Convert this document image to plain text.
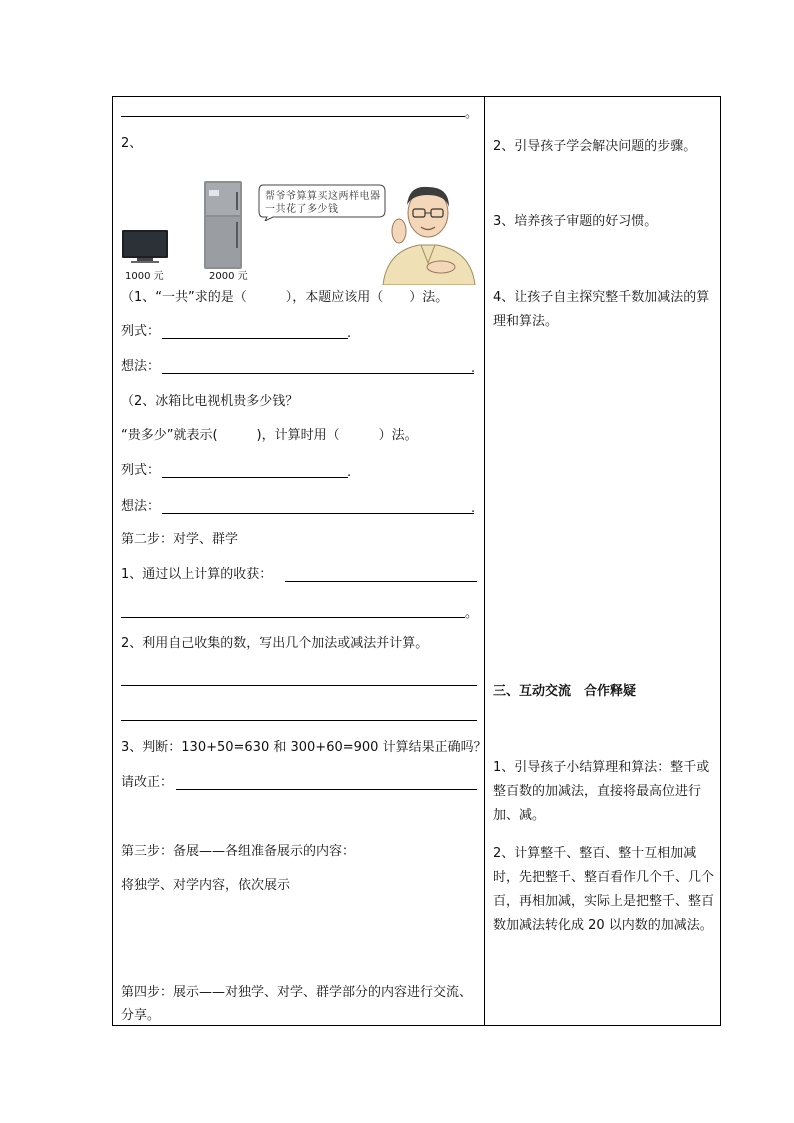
。
2、
1000 元	2000 元
帮爷爷算算买这两样电器一共花了多少钱
（1、“一共”求的是（　　　），本题应该用（　　）法。
列式：	.
想法：	.
（2、冰箱比电视机贵多少钱？
“贵多少”就表示(　　　)，计算时用（　　　）法。
列式：	.
想法：	.
第二步：对学、群学
1、通过以上计算的收获：
。
2、利用自己收集的数，写出几个加法或减法并计算。
3、判断：130+50=630 和 300+60=900 计算结果正确吗？
请改正：
第三步：备展——各组准备展示的内容：
将独学、对学内容，依次展示
第四步：展示——对独学、对学、群学部分的内容进行交流、分享。
2、引导孩子学会解决问题的步骤。
3、培养孩子审题的好习惯。
4、让孩子自主探究整千数加减法的算理和算法。
三、互动交流　合作释疑
1、引导孩子小结算理和算法：整千或整百数的加减法，直接将最高位进行加、减。
2、计算整千、整百、整十互相加减时，先把整千、整百看作几个千、几个百，再相加减，实际上是把整千、整百数加减法转化成 20 以内数的加减法。
